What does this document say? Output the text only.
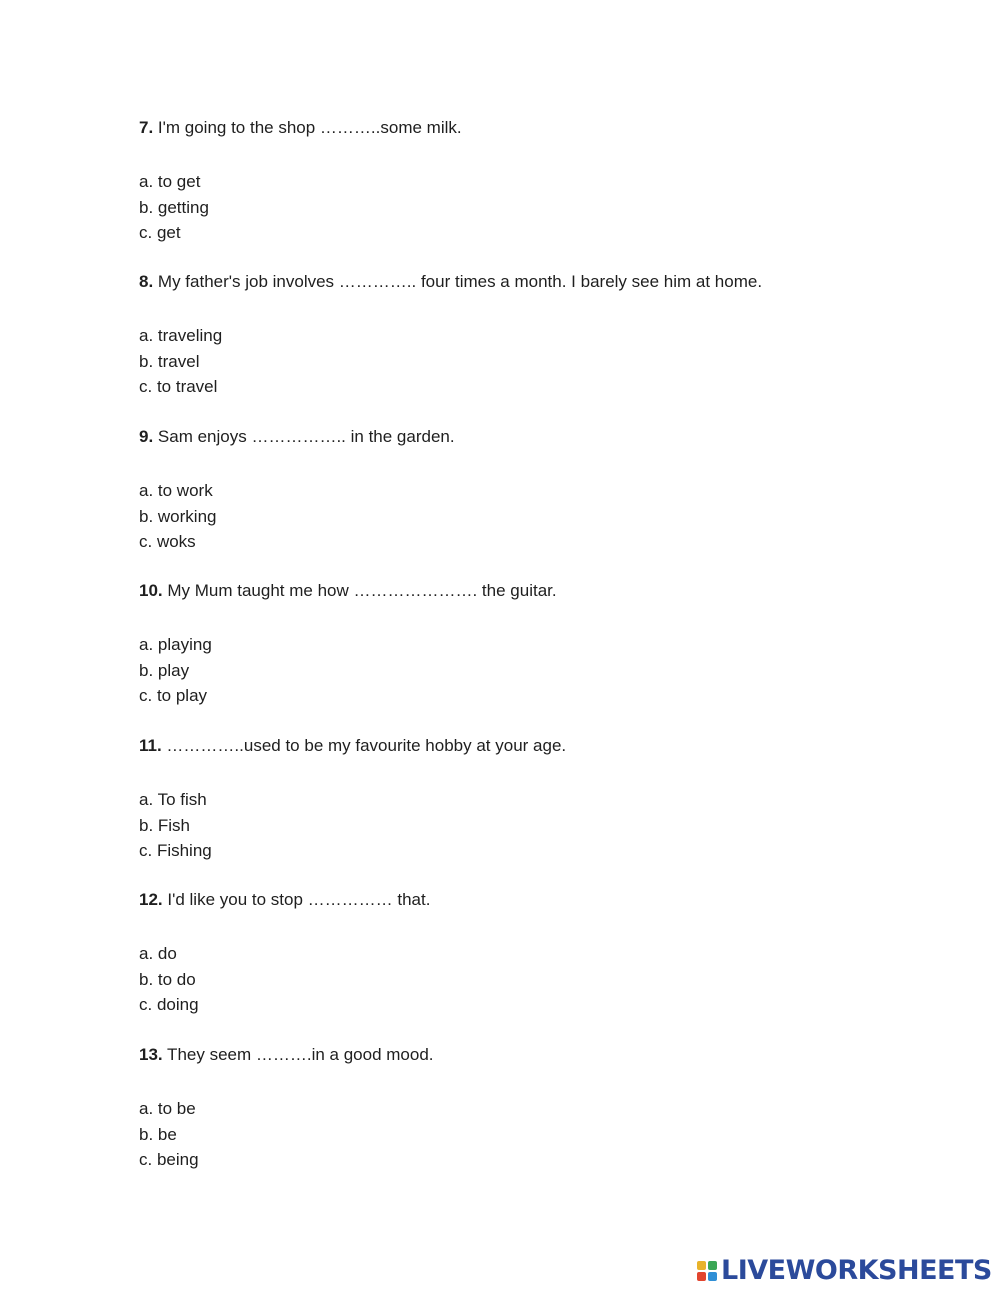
7. I'm going to the shop ………..some milk.
a. to get
b. getting
c. get
8. My father's job involves ………….. four times a month. I barely see him at home.
a. traveling
b. travel
c. to travel
9. Sam enjoys …………….. in the garden.
a. to work
b. working
c. woks
10. My Mum taught me how …………………. the guitar.
a. playing
b. play
c. to play
11. …………..used to be my favourite hobby at your age.
a. To fish
b. Fish
c. Fishing
12. I'd like you to stop …………… that.
a. do
b. to do
c. doing
13. They seem ……….in a good mood.
a. to be
b. be
c. being
LIVEWORKSHEETS
